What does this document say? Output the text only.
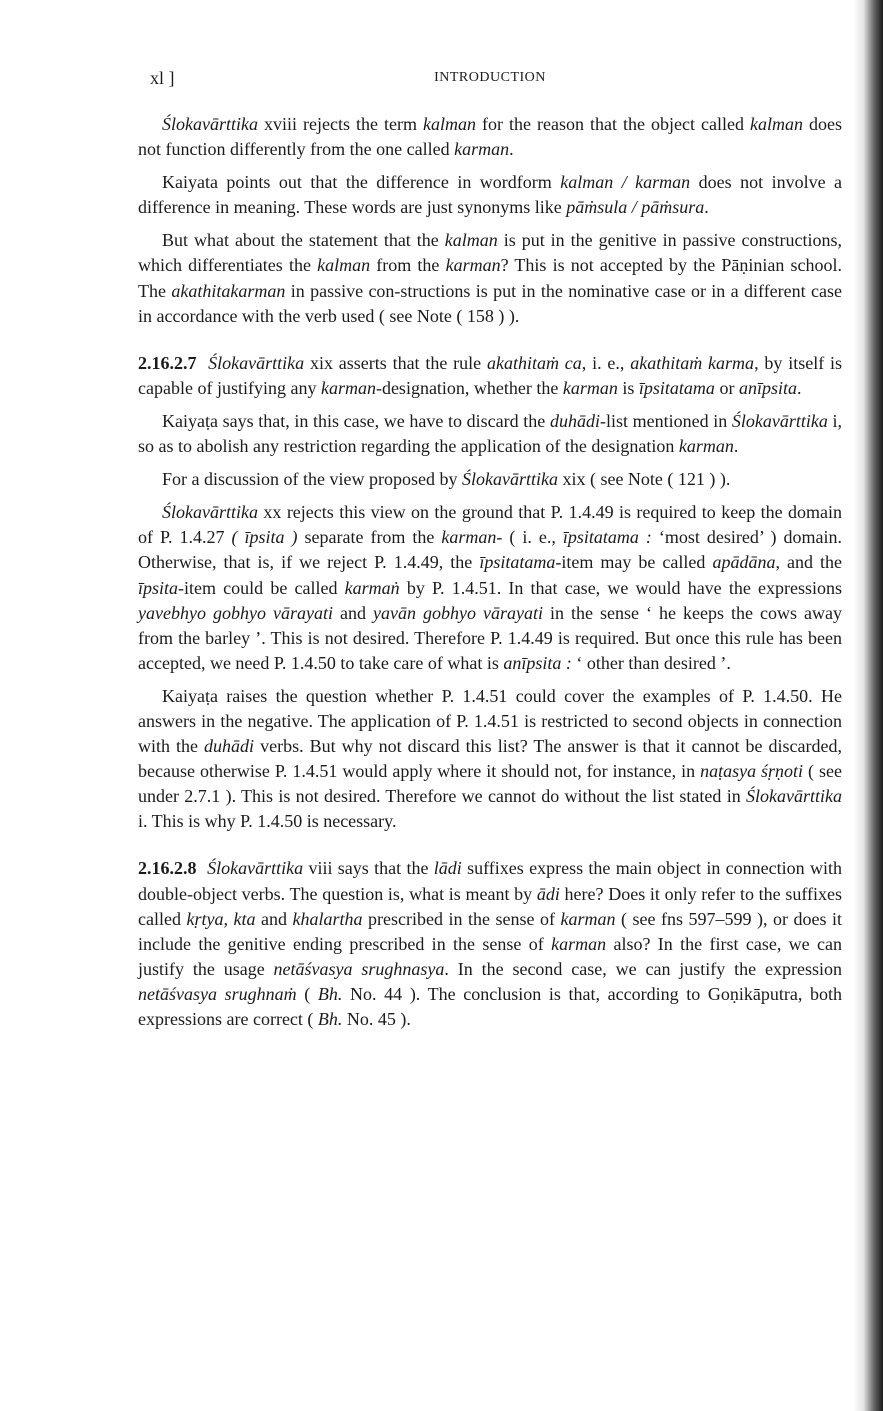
xl ]	INTRODUCTION

Ślokavārttika xviii rejects the term kalman for the reason that the object called kalman does not function differently from the one called karman.

Kaiyata points out that the difference in wordform kalman / karman does not involve a difference in meaning. These words are just synonyms like pāṁsula / pāṁsura.

But what about the statement that the kalman is put in the genitive in passive constructions, which differentiates the kalman from the karman? This is not accepted by the Pāṇinian school. The akathitakarman in passive con-structions is put in the nominative case or in a different case in accordance with the verb used ( see Note ( 158 ) ).

2.16.2.7 Ślokavārttika xix asserts that the rule akathitaṁ ca, i. e., akathitaṁ karma, by itself is capable of justifying any karman-designation, whether the karman is īpsitatama or anīpsita.

Kaiyaṭa says that, in this case, we have to discard the duhādi-list mentioned in Ślokavārttika i, so as to abolish any restriction regarding the application of the designation karman.

For a discussion of the view proposed by Ślokavārttika xix ( see Note ( 121 ) ).

Ślokavārttika xx rejects this view on the ground that P. 1.4.49 is required to keep the domain of P. 1.4.27 ( īpsita ) separate from the karman- ( i. e., īpsitatama : ‘most desired’ ) domain. Otherwise, that is, if we reject P. 1.4.49, the īpsitatama-item may be called apādāna, and the īpsita-item could be called karmaṅ by P. 1.4.51. In that case, we would have the expressions yavebhyo gobhyo vārayati and yavān gobhyo vārayati in the sense ‘ he keeps the cows away from the barley ’. This is not desired. Therefore P. 1.4.49 is required. But once this rule has been accepted, we need P. 1.4.50 to take care of what is anīpsita : ‘ other than desired ’.

Kaiyaṭa raises the question whether P. 1.4.51 could cover the examples of P. 1.4.50. He answers in the negative. The application of P. 1.4.51 is restricted to second objects in connection with the duhādi verbs. But why not discard this list? The answer is that it cannot be discarded, because otherwise P. 1.4.51 would apply where it should not, for instance, in naṭasya śṛṇoti ( see under 2.7.1 ). This is not desired. Therefore we cannot do without the list stated in Ślokavārttika i. This is why P. 1.4.50 is necessary.

2.16.2.8 Ślokavārttika viii says that the lādi suffixes express the main object in connection with double-object verbs. The question is, what is meant by ādi here? Does it only refer to the suffixes called kṛtya, kta and khalartha prescribed in the sense of karman ( see fns 597–599 ), or does it include the genitive ending prescribed in the sense of karman also? In the first case, we can justify the usage netāśvasya srughnasya. In the second case, we can justify the expression netāśvasya srughnaṁ ( Bh. No. 44 ). The conclusion is that, according to Goṇikāputra, both expressions are correct ( Bh. No. 45 ).
